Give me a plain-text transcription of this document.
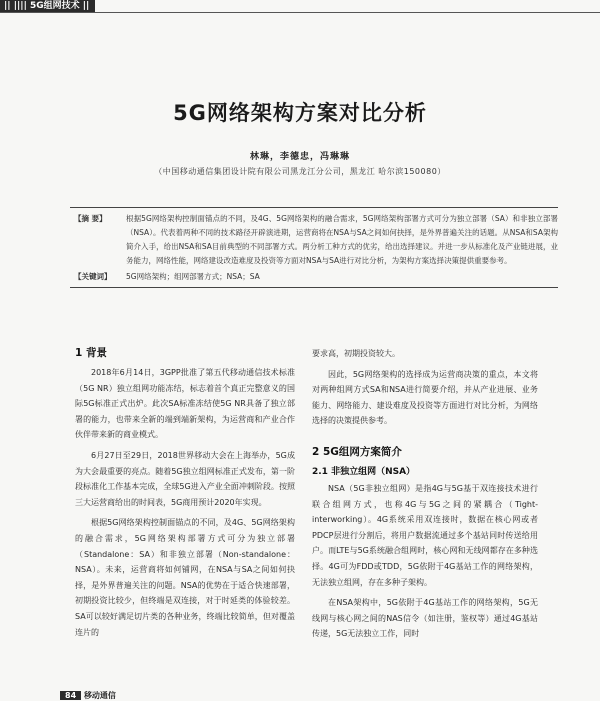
|| |||| 5G组网技术 ||
5G网络架构方案对比分析
林琳，李德忠，冯琳琳
（中国移动通信集团设计院有限公司黑龙江分公司，黑龙江 哈尔滨150080）
【摘 要】	根据5G网络架构控制面锚点的不同，及4G、5G网络架构的融合需求，5G网络架构部署方式可分为独立部署（SA）和非独立部署（NSA）。代表着两种不同的技术路径开辟演进期，运营商将在NSA与SA之间如何抉择，是外界普遍关注的话题。从NSA和SA架构简介入手，给出NSA和SA目前典型的不同部署方式。两分析工种方式的优劣，给出选择建议。并进一步从标准化及产业链进展，业务能力，网络性能，网络建设改造难度及投资等方面对NSA与SA进行对比分析，为架构方案选择决策提供重要参考。
【关键词】	5G网络架构；组网部署方式；NSA；SA
1 背景

2018年6月14日，3GPP批准了第五代移动通信技术标准（5G NR）独立组网功能冻结，标志着首个真正完整意义的国际5G标准正式出炉。此次SA标准冻结使5G NR具备了独立部署的能力，也带来全新的端到端新架构，为运营商和产业合作伙伴带来新的商业模式。

6月27日至29日，2018世界移动大会在上海举办，5G成为大会最重要的亮点。随着5G独立组网标准正式发布，第一阶段标准化工作基本完成，全球5G进入产业全面冲刺阶段。按照三大运营商给出的时间表，5G商用预计2020年实现。

根据5G网络架构控制面锚点的不同，及4G、5G网络架构的融合需求，5G网络架构部署方式可分为独立部署（Standalone：SA）和非独立部署（Non-standalone：NSA）。未来，运营商将如何铺网，在NSA与SA之间如何抉择，是外界普遍关注的问题。NSA的优势在于适合快速部署，初期投资比较少，但终端是双连接，对于时延类的体验较差。SA可以较好满足切片类的各种业务，终端比较简单，但对覆盖连片的

要求高，初期投资较大。

因此，5G网络架构的选择成为运营商决策的重点，本文将对两种组网方式SA和NSA进行简要介绍，并从产业进展、业务能力、网络能力、建设难度及投资等方面进行对比分析，为网络选择的决策提供参考。

2 5G组网方案简介
2.1 非独立组网（NSA）

NSA（5G非独立组网）是指4G与5G基于双连接技术进行联合组网方式，也称4G与5G之间的紧耦合（Tight-interworking）。4G系统采用双连接时，数据在核心网或者PDCP层进行分割后，将用户数据流通过多个基站同时传送给用户。而LTE与5G系统融合组网时，核心网和无线网都存在多种选择。4G可为FDD或TDD，5G依附于4G基站工作的网络架构，无法独立组网，存在多种子架构。

在NSA架构中，5G依附于4G基站工作的网络架构，5G无线网与核心网之间的NAS信令（如注册，鉴权等）通过4G基站传递，5G无法独立工作，同时

84 移动通信
